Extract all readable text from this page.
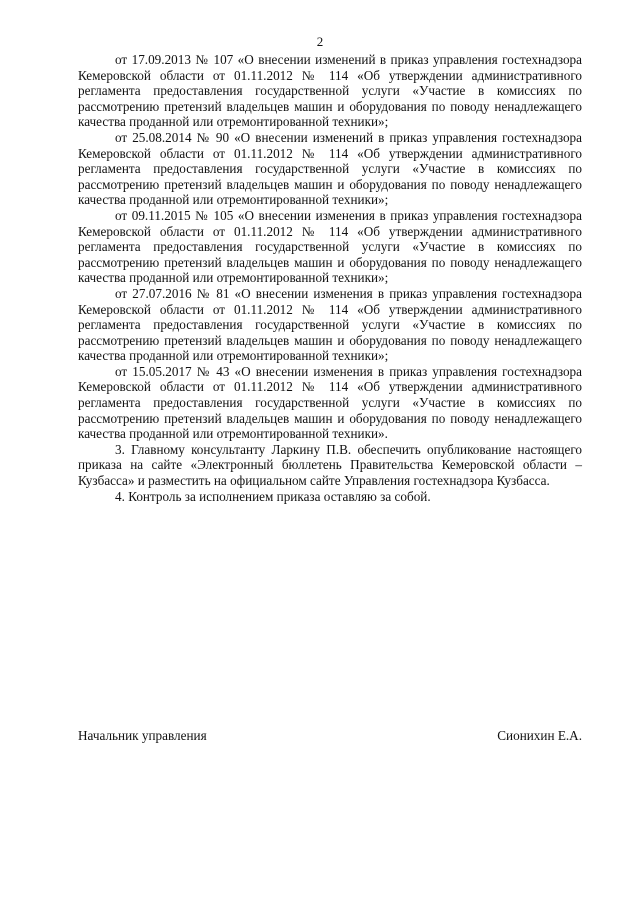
2

от 17.09.2013 № 107 «О внесении изменений в приказ управления гостехнадзора Кемеровской области от 01.11.2012 № 114 «Об утверждении административного регламента предоставления государственной услуги «Участие в комиссиях по рассмотрению претензий владельцев машин и оборудования по поводу ненадлежащего качества проданной или отремонтированной техники»;

от 25.08.2014 № 90 «О внесении изменений в приказ управления гостехнадзора Кемеровской области от 01.11.2012 № 114 «Об утверждении административного регламента предоставления государственной услуги «Участие в комиссиях по рассмотрению претензий владельцев машин и оборудования по поводу ненадлежащего качества проданной или отремонтированной техники»;

от 09.11.2015 № 105 «О внесении изменения в приказ управления гостехнадзора Кемеровской области от 01.11.2012 № 114 «Об утверждении административного регламента предоставления государственной услуги «Участие в комиссиях по рассмотрению претензий владельцев машин и оборудования по поводу ненадлежащего качества проданной или отремонтированной техники»;

от 27.07.2016 № 81 «О внесении изменения в приказ управления гостехнадзора Кемеровской области от 01.11.2012 № 114 «Об утверждении административного регламента предоставления государственной услуги «Участие в комиссиях по рассмотрению претензий владельцев машин и оборудования по поводу ненадлежащего качества проданной или отремонтированной техники»;

от 15.05.2017 № 43 «О внесении изменения в приказ управления гостехнадзора Кемеровской области от 01.11.2012 № 114 «Об утверждении административного регламента предоставления государственной услуги «Участие в комиссиях по рассмотрению претензий владельцев машин и оборудования по поводу ненадлежащего качества проданной или отремонтированной техники».

3. Главному консультанту Ларкину П.В. обеспечить опубликование настоящего приказа на сайте «Электронный бюллетень Правительства Кемеровской области – Кузбасса» и разместить на официальном сайте Управления гостехнадзора Кузбасса.

4. Контроль за исполнением приказа оставляю за собой.

Начальник управления	Сионихин Е.А.
